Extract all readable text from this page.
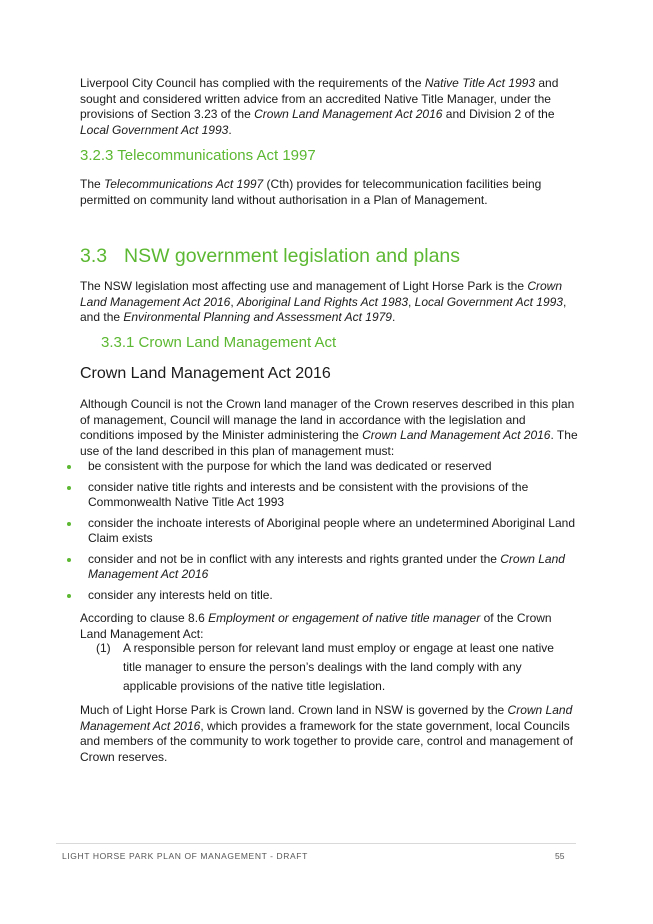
Liverpool City Council has complied with the requirements of the Native Title Act 1993 and sought and considered written advice from an accredited Native Title Manager, under the provisions of Section 3.23 of the Crown Land Management Act 2016 and Division 2 of the Local Government Act 1993.

3.2.3 Telecommunications Act 1997

The Telecommunications Act 1997 (Cth) provides for telecommunication facilities being permitted on community land without authorisation in a Plan of Management.

3.3 NSW government legislation and plans

The NSW legislation most affecting use and management of Light Horse Park is the Crown Land Management Act 2016, Aboriginal Land Rights Act 1983, Local Government Act 1993, and the Environmental Planning and Assessment Act 1979.

3.3.1 Crown Land Management Act
Crown Land Management Act 2016

Although Council is not the Crown land manager of the Crown reserves described in this plan of management, Council will manage the land in accordance with the legislation and conditions imposed by the Minister administering the Crown Land Management Act 2016. The use of the land described in this plan of management must:

be consistent with the purpose for which the land was dedicated or reserved
consider native title rights and interests and be consistent with the provisions of the Commonwealth Native Title Act 1993
consider the inchoate interests of Aboriginal people where an undetermined Aboriginal Land Claim exists
consider and not be in conflict with any interests and rights granted under the Crown Land Management Act 2016
consider any interests held on title.

According to clause 8.6 Employment or engagement of native title manager of the Crown Land Management Act:

(1) A responsible person for relevant land must employ or engage at least one native title manager to ensure the person’s dealings with the land comply with any applicable provisions of the native title legislation.

Much of Light Horse Park is Crown land. Crown land in NSW is governed by the Crown Land Management Act 2016, which provides a framework for the state government, local Councils and members of the community to work together to provide care, control and management of Crown reserves.

LIGHT HORSE PARK PLAN OF MANAGEMENT - DRAFT	55
